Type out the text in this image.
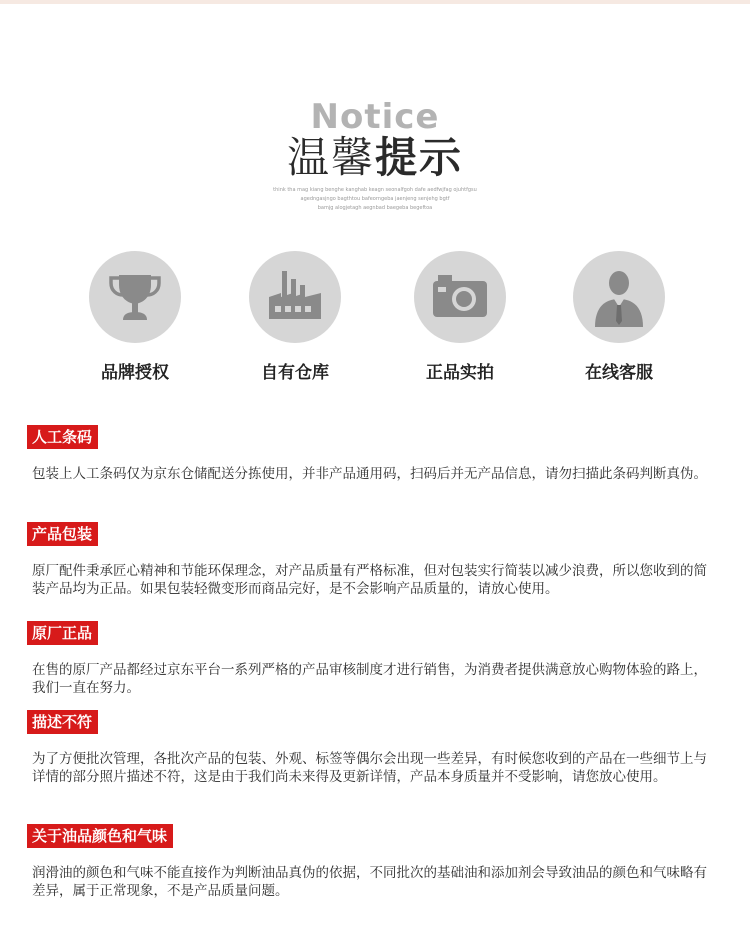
Notice
温馨提示
think tha mag kiang benghe kanghab keagn seonalfgoh dafe aedfwjfag ojuhtfgsu
agedngasjngo bagthtou bafeorngeba jaenjeng senjehg bgtf
bamjg alogjetagh aegnbad baegeba begeftoa
品牌授权	自有仓库	正品实拍	在线客服
人工条码
包装上人工条码仅为京东仓储配送分拣使用，并非产品通用码，扫码后并无产品信息，请勿扫描此条码判断真伪。
产品包装
原厂配件秉承匠心精神和节能环保理念，对产品质量有严格标准，但对包装实行简装以减少浪费，所以您收到的简装产品均为正品。如果包装轻微变形而商品完好，是不会影响产品质量的，请放心使用。
原厂正品
在售的原厂产品都经过京东平台一系列严格的产品审核制度才进行销售，为消费者提供满意放心购物体验的路上，我们一直在努力。
描述不符
为了方便批次管理，各批次产品的包装、外观、标签等偶尔会出现一些差异，有时候您收到的产品在一些细节上与详情的部分照片描述不符，这是由于我们尚未来得及更新详情，产品本身质量并不受影响，请您放心使用。
关于油品颜色和气味
润滑油的颜色和气味不能直接作为判断油品真伪的依据，不同批次的基础油和添加剂会导致油品的颜色和气味略有差异，属于正常现象，不是产品质量问题。
